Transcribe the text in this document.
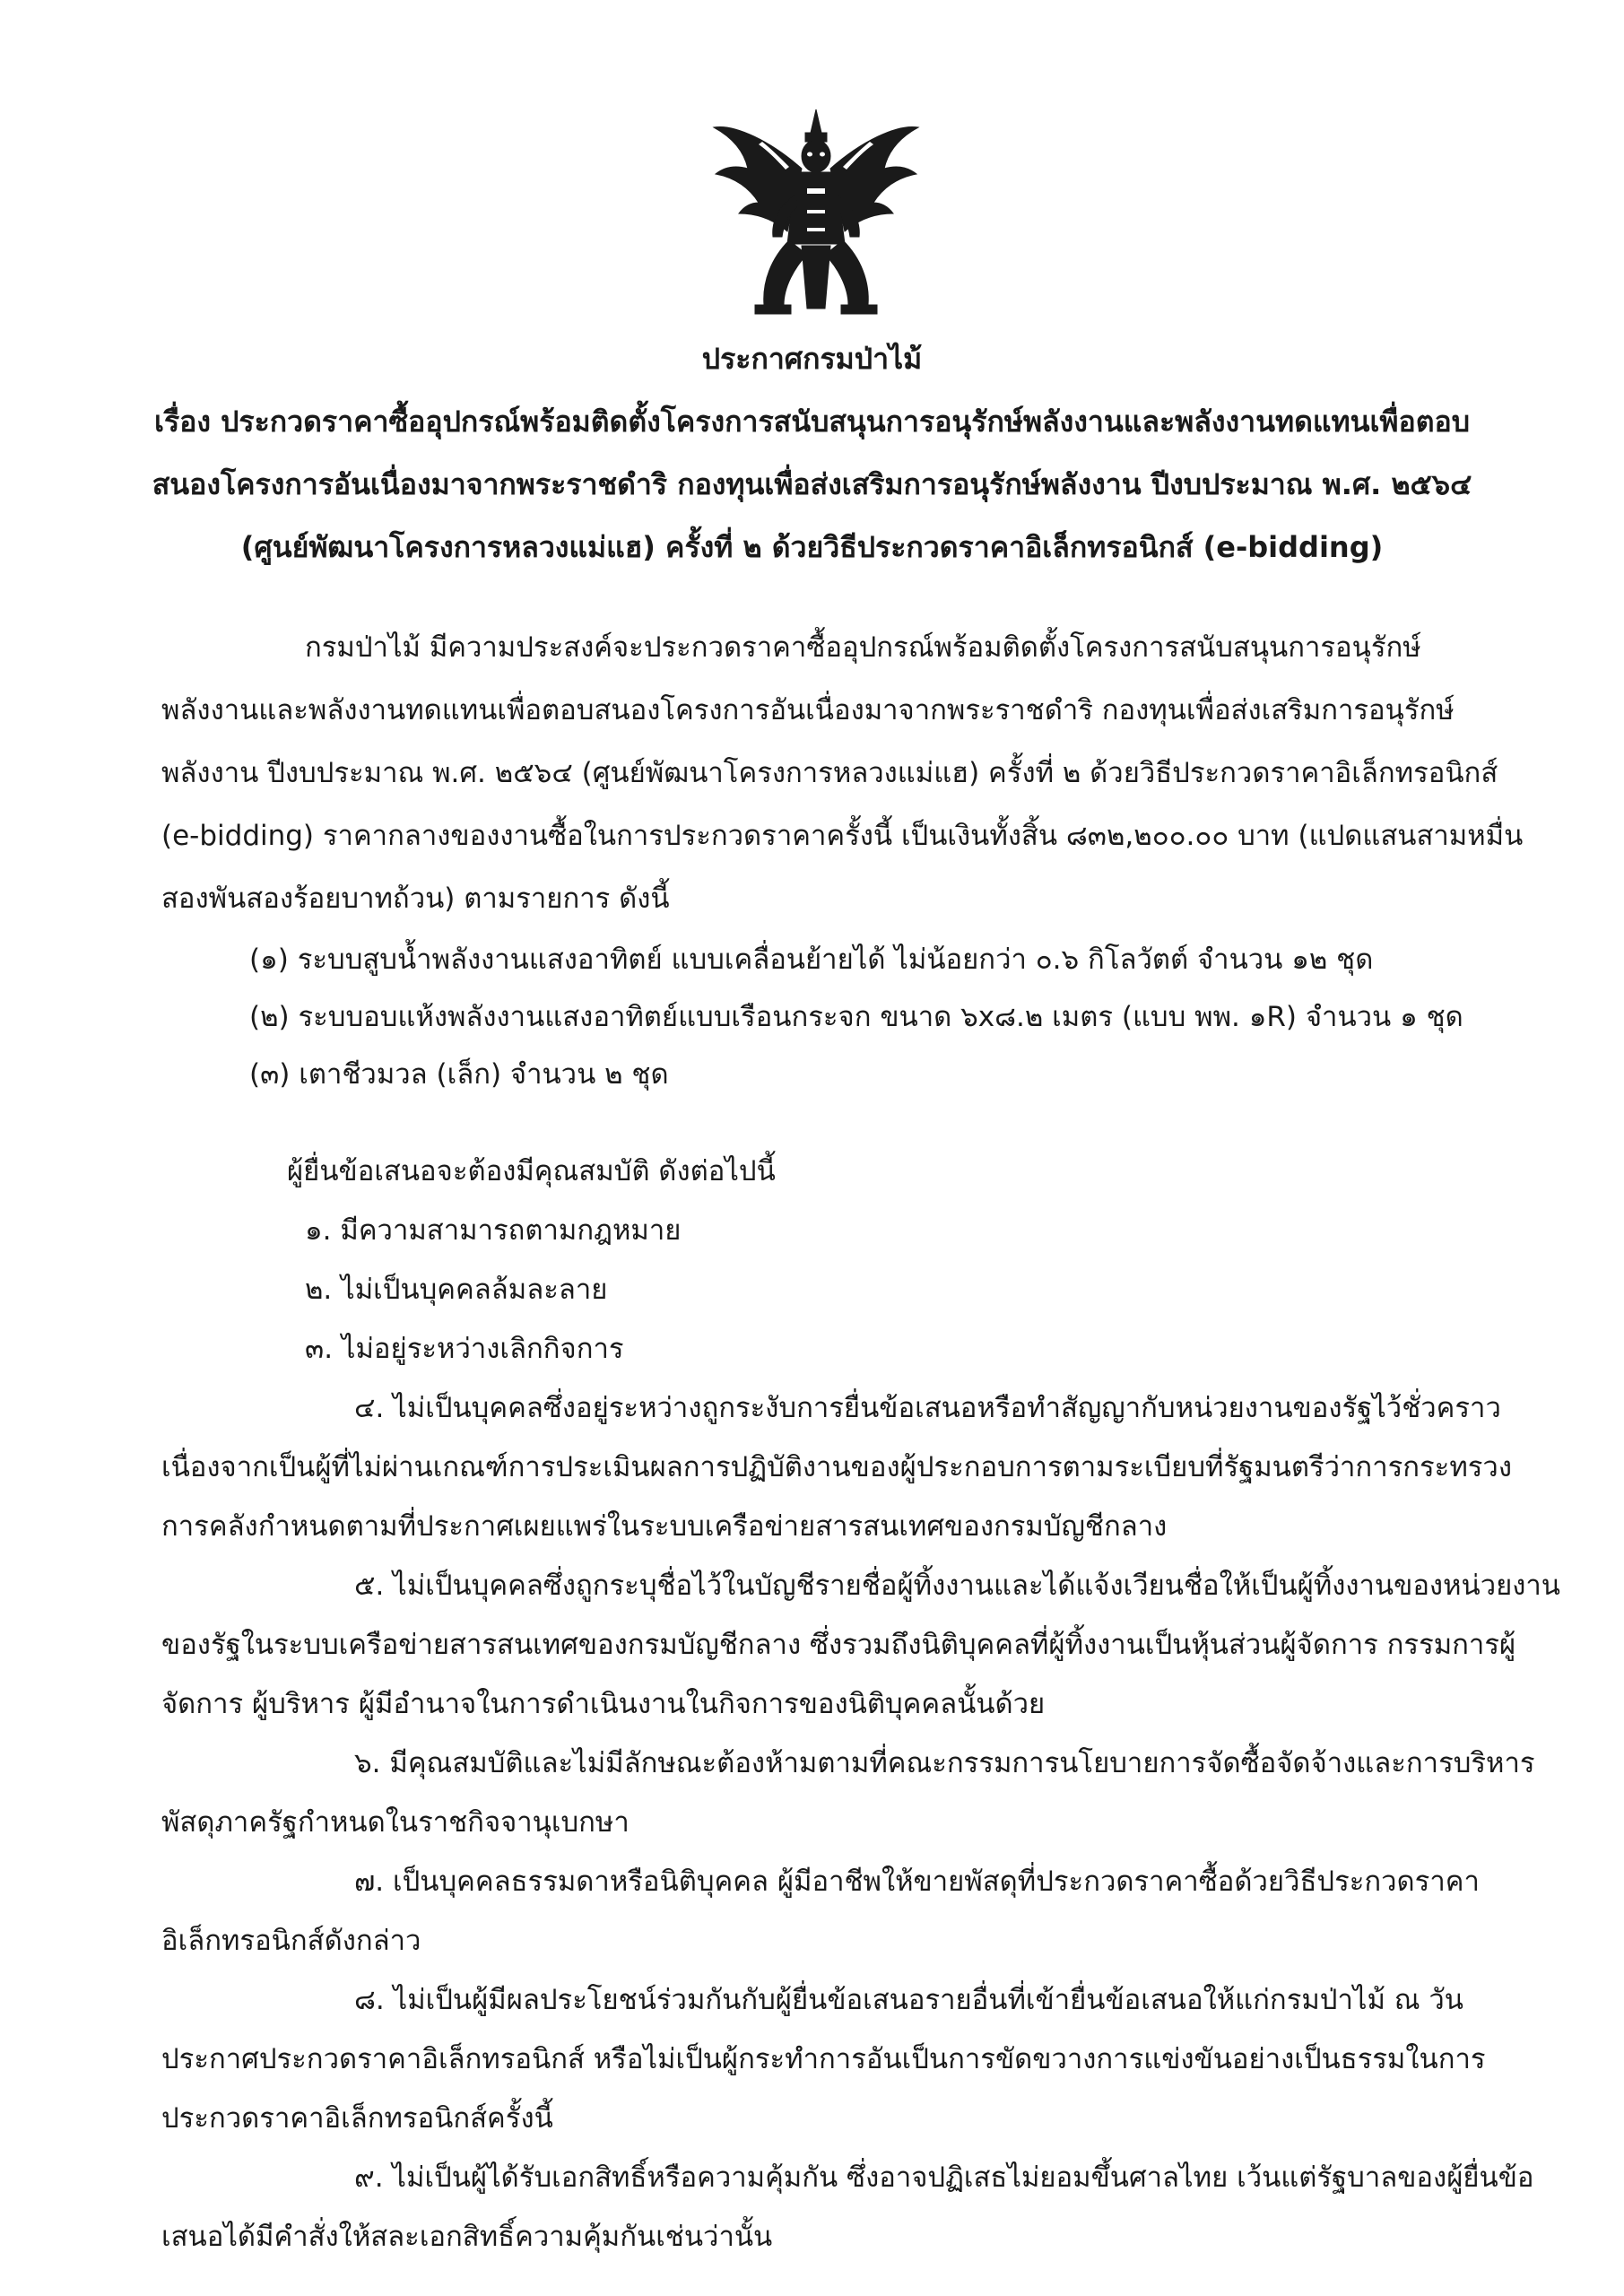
ประกาศกรมป่าไม้
เรื่อง ประกวดราคาซื้ออุปกรณ์พร้อมติดตั้งโครงการสนับสนุนการอนุรักษ์พลังงานและพลังงานทดแทนเพื่อตอบ
สนองโครงการอันเนื่องมาจากพระราชดำริ กองทุนเพื่อส่งเสริมการอนุรักษ์พลังงาน ปีงบประมาณ พ.ศ. ๒๕๖๔
(ศูนย์พัฒนาโครงการหลวงแม่แฮ) ครั้งที่ ๒ ด้วยวิธีประกวดราคาอิเล็กทรอนิกส์ (e-bidding)
กรมป่าไม้ มีความประสงค์จะประกวดราคาซื้ออุปกรณ์พร้อมติดตั้งโครงการสนับสนุนการอนุรักษ์
พลังงานและพลังงานทดแทนเพื่อตอบสนองโครงการอันเนื่องมาจากพระราชดำริ กองทุนเพื่อส่งเสริมการอนุรักษ์
พลังงาน ปีงบประมาณ พ.ศ. ๒๕๖๔ (ศูนย์พัฒนาโครงการหลวงแม่แฮ) ครั้งที่ ๒ ด้วยวิธีประกวดราคาอิเล็กทรอนิกส์
(e-bidding) ราคากลางของงานซื้อในการประกวดราคาครั้งนี้ เป็นเงินทั้งสิ้น ๘๓๒,๒๐๐.๐๐ บาท (แปดแสนสามหมื่น
สองพันสองร้อยบาทถ้วน) ตามรายการ ดังนี้
(๑) ระบบสูบน้ำพลังงานแสงอาทิตย์ แบบเคลื่อนย้ายได้ ไม่น้อยกว่า ๐.๖ กิโลวัตต์ จำนวน ๑๒ ชุด
(๒) ระบบอบแห้งพลังงานแสงอาทิตย์แบบเรือนกระจก ขนาด ๖x๘.๒ เมตร (แบบ พพ. ๑R) จำนวน ๑ ชุด
(๓) เตาชีวมวล (เล็ก) จำนวน ๒ ชุด
ผู้ยื่นข้อเสนอจะต้องมีคุณสมบัติ ดังต่อไปนี้
๑. มีความสามารถตามกฎหมาย
๒. ไม่เป็นบุคคลล้มละลาย
๓. ไม่อยู่ระหว่างเลิกกิจการ
๔. ไม่เป็นบุคคลซึ่งอยู่ระหว่างถูกระงับการยื่นข้อเสนอหรือทำสัญญากับหน่วยงานของรัฐไว้ชั่วคราว
เนื่องจากเป็นผู้ที่ไม่ผ่านเกณฑ์การประเมินผลการปฏิบัติงานของผู้ประกอบการตามระเบียบที่รัฐมนตรีว่าการกระทรวง
การคลังกำหนดตามที่ประกาศเผยแพร่ในระบบเครือข่ายสารสนเทศของกรมบัญชีกลาง
๕. ไม่เป็นบุคคลซึ่งถูกระบุชื่อไว้ในบัญชีรายชื่อผู้ทิ้งงานและได้แจ้งเวียนชื่อให้เป็นผู้ทิ้งงานของหน่วยงาน
ของรัฐในระบบเครือข่ายสารสนเทศของกรมบัญชีกลาง ซึ่งรวมถึงนิติบุคคลที่ผู้ทิ้งงานเป็นหุ้นส่วนผู้จัดการ กรรมการผู้
จัดการ ผู้บริหาร ผู้มีอำนาจในการดำเนินงานในกิจการของนิติบุคคลนั้นด้วย
๖. มีคุณสมบัติและไม่มีลักษณะต้องห้ามตามที่คณะกรรมการนโยบายการจัดซื้อจัดจ้างและการบริหาร
พัสดุภาครัฐกำหนดในราชกิจจานุเบกษา
๗. เป็นบุคคลธรรมดาหรือนิติบุคคล ผู้มีอาชีพให้ขายพัสดุที่ประกวดราคาซื้อด้วยวิธีประกวดราคา
อิเล็กทรอนิกส์ดังกล่าว
๘. ไม่เป็นผู้มีผลประโยชน์ร่วมกันกับผู้ยื่นข้อเสนอรายอื่นที่เข้ายื่นข้อเสนอให้แก่กรมป่าไม้ ณ วัน
ประกาศประกวดราคาอิเล็กทรอนิกส์ หรือไม่เป็นผู้กระทำการอันเป็นการขัดขวางการแข่งขันอย่างเป็นธรรมในการ
ประกวดราคาอิเล็กทรอนิกส์ครั้งนี้
๙. ไม่เป็นผู้ได้รับเอกสิทธิ์หรือความคุ้มกัน ซึ่งอาจปฏิเสธไม่ยอมขึ้นศาลไทย เว้นแต่รัฐบาลของผู้ยื่นข้อ
เสนอได้มีคำสั่งให้สละเอกสิทธิ์ความคุ้มกันเช่นว่านั้น
